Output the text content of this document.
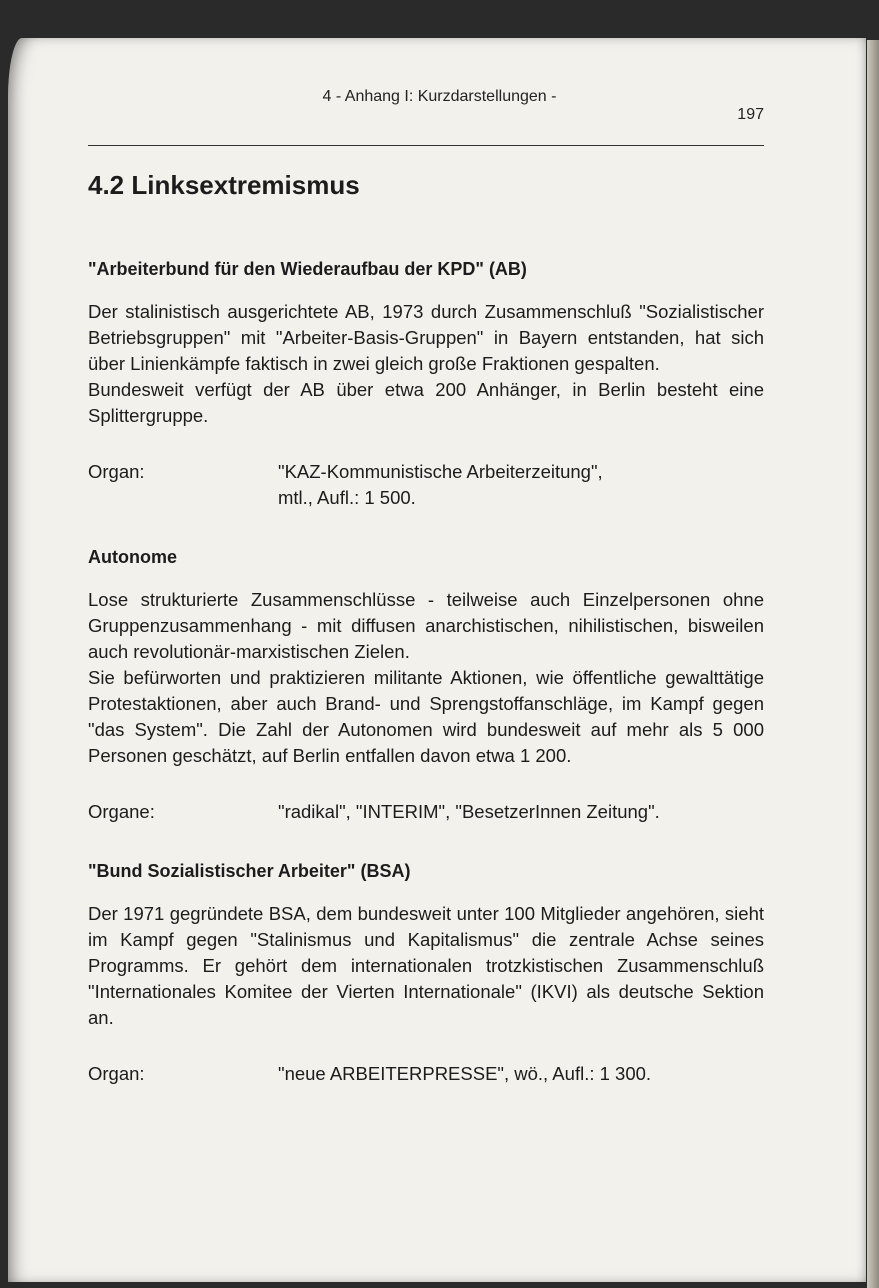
4 - Anhang I: Kurzdarstellungen -
197
4.2 Linksextremismus
"Arbeiterbund für den Wiederaufbau der KPD" (AB)

Der stalinistisch ausgerichtete AB, 1973 durch Zusammenschluß "Sozialistischer Betriebsgruppen" mit "Arbeiter-Basis-Gruppen" in Bayern entstanden, hat sich über Linienkämpfe faktisch in zwei gleich große Fraktionen gespalten.

Bundesweit verfügt der AB über etwa 200 Anhänger, in Berlin besteht eine Splittergruppe.

Organ:	"KAZ-Kommunistische Arbeiterzeitung",
mtl., Aufl.: 1 500.
Autonome

Lose strukturierte Zusammenschlüsse - teilweise auch Einzelpersonen ohne Gruppenzusammenhang - mit diffusen anarchistischen, nihilistischen, bisweilen auch revolutionär-marxistischen Zielen.

Sie befürworten und praktizieren militante Aktionen, wie öffentliche gewalttätige Protestaktionen, aber auch Brand- und Sprengstoffanschläge, im Kampf gegen "das System". Die Zahl der Autonomen wird bundesweit auf mehr als 5 000 Personen geschätzt, auf Berlin entfallen davon etwa 1 200.

Organe:	"radikal", "INTERIM", "BesetzerInnen Zeitung".
"Bund Sozialistischer Arbeiter" (BSA)

Der 1971 gegründete BSA, dem bundesweit unter 100 Mitglieder angehören, sieht im Kampf gegen "Stalinismus und Kapitalismus" die zentrale Achse seines Programms. Er gehört dem internationalen trotzkistischen Zusammenschluß "Internationales Komitee der Vierten Internationale" (IKVI) als deutsche Sektion an.

Organ:	"neue ARBEITERPRESSE", wö., Aufl.: 1 300.
